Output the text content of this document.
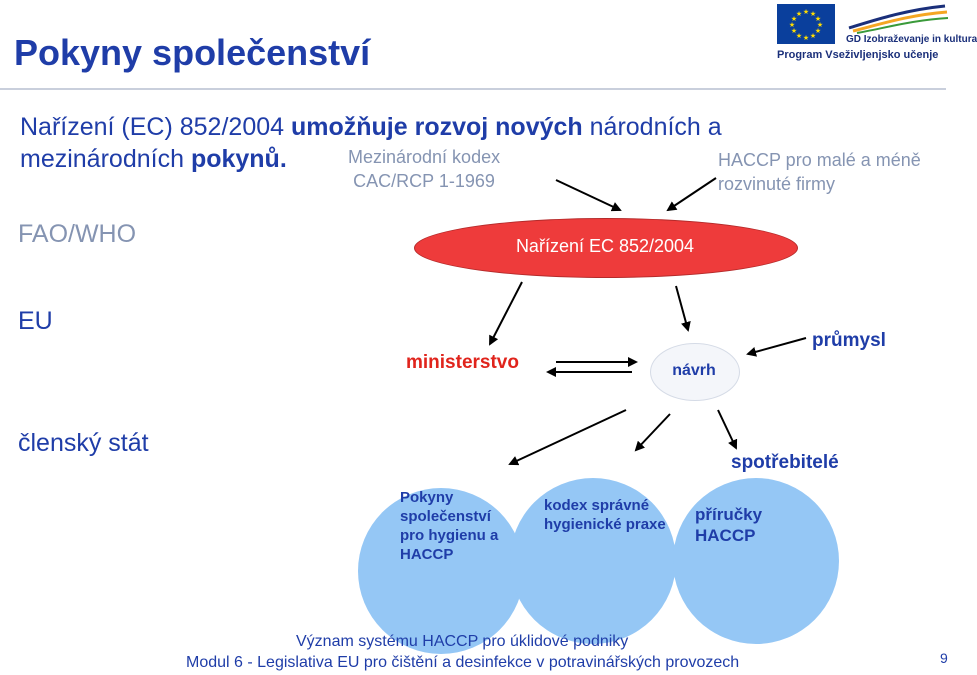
Pokyny společenství
★ ★
★
★
★
★
★
★
★
★
★
★
GD Izobraževanje in kultura
Program Vseživljenjsko učenje
Nařízení (EC) 852/2004 umožňuje rozvoj nových národních a mezinárodních pokynů.
FAO/WHO
EU
členský stát
Mezinárodní kodex
CAC/RCP 1-1969
HACCP pro malé a méně
rozvinuté firmy
Nařízení EC 852/2004
ministerstvo	návrh
průmysl
spotřebitelé
Pokyny společenství pro hygienu a HACCP
kodex správné hygienické praxe
příručky HACCP
Význam systému HACCP pro úklidové podniky
Modul 6 - Legislativa EU pro čištění a desinfekce v potravinářských provozech	9
